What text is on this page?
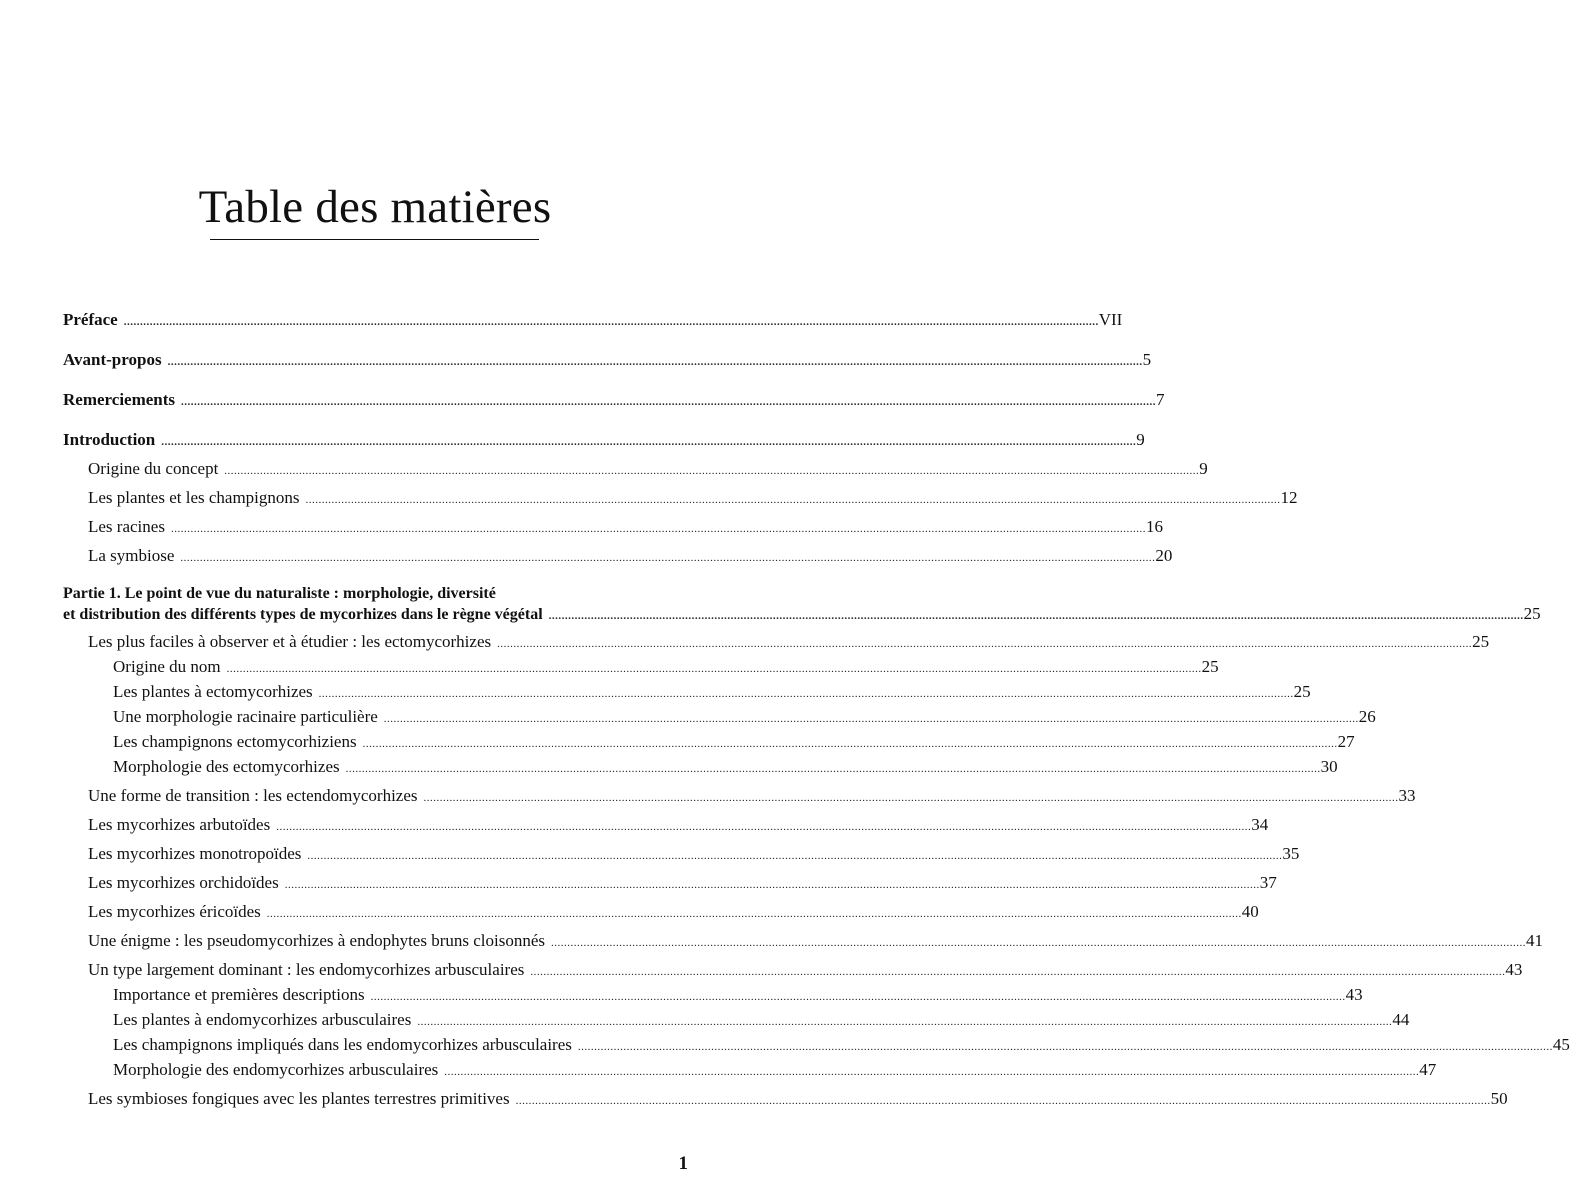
Table des matières
Préface ............................................................................................................................................................................................................................................................................................................ VII
Avant-propos ............................................................................................................................................................................................................................................................................................................ 5
Remerciements ............................................................................................................................................................................................................................................................................................................ 7
Introduction ............................................................................................................................................................................................................................................................................................................ 9
Origine du concept ............................................................................................................................................................................................................................................................................................................ 9
Les plantes et les champignons ............................................................................................................................................................................................................................................................................................................ 12
Les racines ............................................................................................................................................................................................................................................................................................................ 16
La symbiose ............................................................................................................................................................................................................................................................................................................ 20
Partie 1. Le point de vue du naturaliste : morphologie, diversité
et distribution des différents types de mycorhizes dans le règne végétal ............................................................................................................................................................................................................................................................................................................ 25
Les plus faciles à observer et à étudier : les ectomycorhizes ............................................................................................................................................................................................................................................................................................................ 25
Origine du nom ............................................................................................................................................................................................................................................................................................................ 25
Les plantes à ectomycorhizes ............................................................................................................................................................................................................................................................................................................ 25
Une morphologie racinaire particulière ............................................................................................................................................................................................................................................................................................................ 26
Les champignons ectomycorhiziens ............................................................................................................................................................................................................................................................................................................ 27
Morphologie des ectomycorhizes ............................................................................................................................................................................................................................................................................................................ 30
Une forme de transition : les ectendomycorhizes ............................................................................................................................................................................................................................................................................................................ 33
Les mycorhizes arbutoïdes ............................................................................................................................................................................................................................................................................................................ 34
Les mycorhizes monotropoïdes ............................................................................................................................................................................................................................................................................................................ 35
Les mycorhizes orchidoïdes ............................................................................................................................................................................................................................................................................................................ 37
Les mycorhizes éricoïdes ............................................................................................................................................................................................................................................................................................................ 40
Une énigme : les pseudomycorhizes à endophytes bruns cloisonnés ............................................................................................................................................................................................................................................................................................................ 41
Un type largement dominant : les endomycorhizes arbusculaires ............................................................................................................................................................................................................................................................................................................ 43
Importance et premières descriptions ............................................................................................................................................................................................................................................................................................................ 43
Les plantes à endomycorhizes arbusculaires ............................................................................................................................................................................................................................................................................................................ 44
Les champignons impliqués dans les endomycorhizes arbusculaires ............................................................................................................................................................................................................................................................................................................ 45
Morphologie des endomycorhizes arbusculaires ............................................................................................................................................................................................................................................................................................................ 47
Les symbioses fongiques avec les plantes terrestres primitives ............................................................................................................................................................................................................................................................................................................ 50
1
